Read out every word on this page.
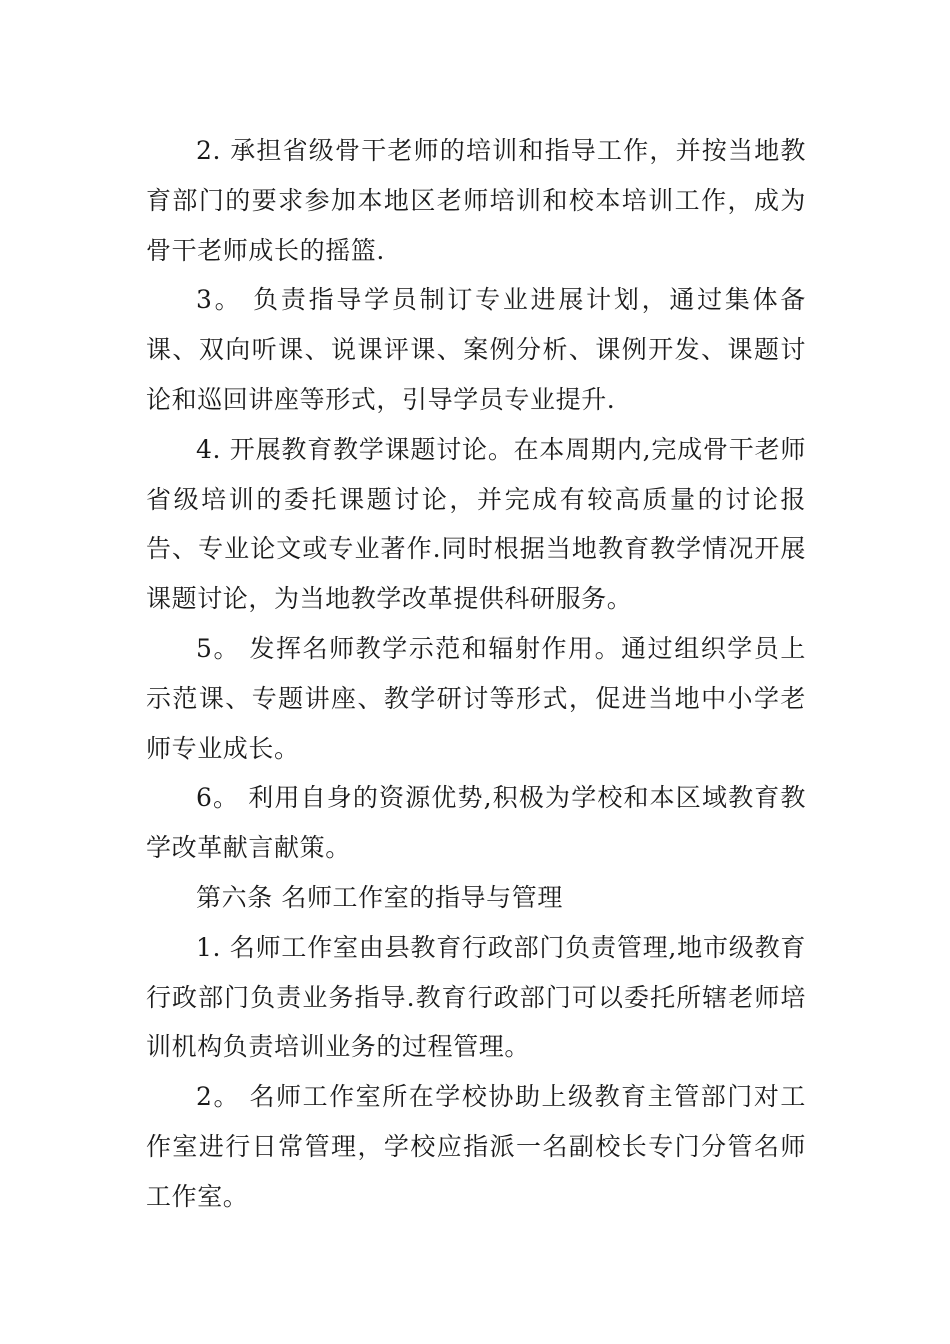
2. 承担省级骨干老师的培训和指导工作，并按当地教育部门的要求参加本地区老师培训和校本培训工作，成为骨干老师成长的摇篮.

3。 负责指导学员制订专业进展计划，通过集体备课、双向听课、说课评课、案例分析、课例开发、课题讨论和巡回讲座等形式，引导学员专业提升.

4. 开展教育教学课题讨论。在本周期内,完成骨干老师省级培训的委托课题讨论，并完成有较高质量的讨论报告、专业论文或专业著作.同时根据当地教育教学情况开展课题讨论，为当地教学改革提供科研服务。

5。 发挥名师教学示范和辐射作用。通过组织学员上示范课、专题讲座、教学研讨等形式，促进当地中小学老师专业成长。

6。 利用自身的资源优势,积极为学校和本区域教育教学改革献言献策。

第六条 名师工作室的指导与管理

1. 名师工作室由县教育行政部门负责管理,地市级教育行政部门负责业务指导.教育行政部门可以委托所辖老师培训机构负责培训业务的过程管理。

2。 名师工作室所在学校协助上级教育主管部门对工作室进行日常管理，学校应指派一名副校长专门分管名师工作室。
